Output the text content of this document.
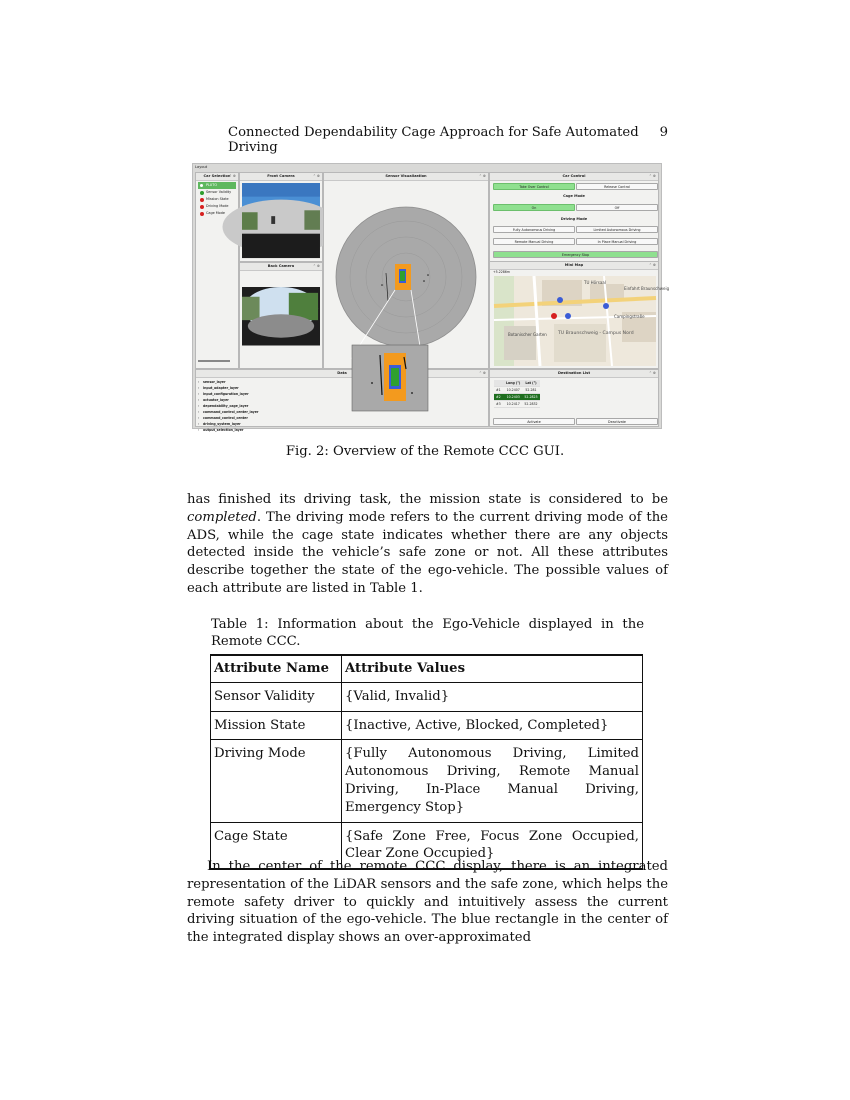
Connected Dependability Cage Approach for Safe Automated Driving
9
Layout
Car Selection
⌃ ⊗
PLUTO
Sensor Validity
Mission State
Driving Mode
Cage Mode
Front Camera	⌃ ⊗
Back Camera	⌃ ⊗
Sensor Visualization	⌃ ⊗	Car Control	⌃ ⊗
Take Over Control	Release Control
Cage Mode
On	Off
Driving Mode
Fully Autonomous Driving	Limited Autonomous Driving
Remote Manual Driving	In Place Manual Driving
Emergency Stop
Mini Map	⌃ ⊗
+5.2286m
TU Hörsaal
Einfahrt Braunschweig
TU Braunschweig - Campus Nord
Campingstraße
Botanischer Garten
Data	⌃ ⊗
› sensor_layer
› input_adapter_layer
› input_configuration_layer
› actuator_layer
› dependability_cage_layer
› command_control_center_layer
› command_control_center
› driving_system_layer
› output_selection_layer
Destination List	⌃ ⊗
	Long (°)	Lat (°)
#1	10.2407	52.281
#2	10.2403	52.2823
#3	10.2417	52.2832
Activate	Deactivate
Fig. 2: Overview of the Remote CCC GUI.

has finished its driving task, the mission state is considered to be completed. The driving mode refers to the current driving mode of the ADS, while the cage state indicates whether there are any objects detected inside the vehicle’s safe zone or not. All these attributes describe together the state of the ego-vehicle. The possible values of each attribute are listed in Table 1.

Table 1: Information about the Ego-Vehicle displayed in the Remote CCC.
Attribute Name	Attribute Values
Sensor Validity	{Valid, Invalid}
Mission State	{Inactive, Active, Blocked, Completed}
Driving Mode	{Fully Autonomous Driving, Limited Autonomous Driving, Remote Manual Driving, In-Place Manual Driving, Emergency Stop}
Cage State	{Safe Zone Free, Focus Zone Occupied, Clear Zone Occupied}
In the center of the remote CCC display, there is an integrated representation of the LiDAR sensors and the safe zone, which helps the remote safety driver to quickly and intuitively assess the current driving situation of the ego-vehicle. The blue rectangle in the center of the integrated display shows an over-approximated
